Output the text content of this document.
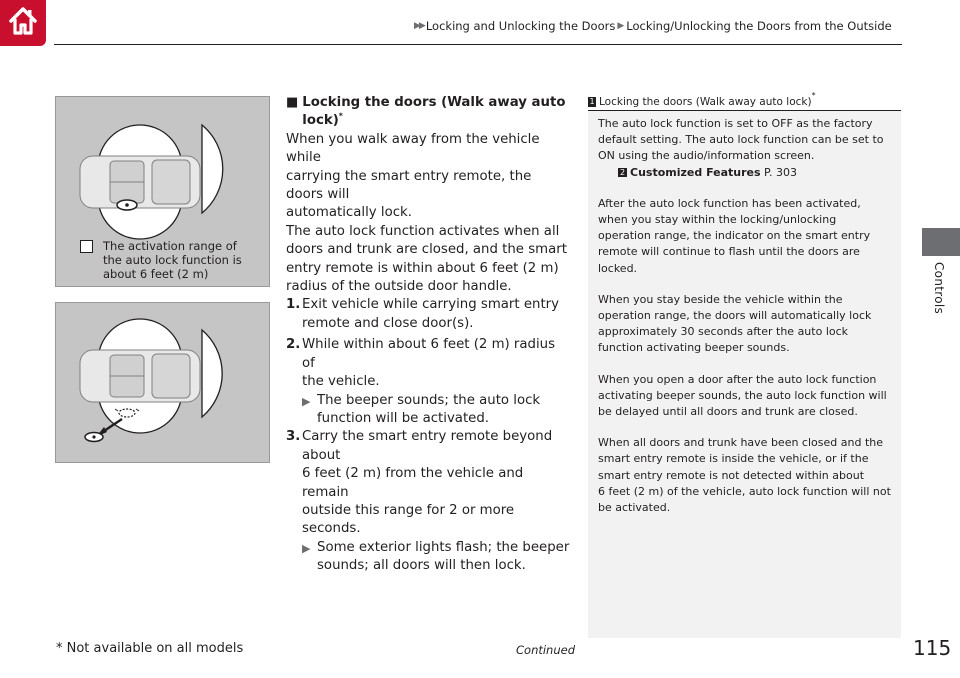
▶▶ Locking and Unlocking the Doors ▶ Locking/Unlocking the Doors from the Outside
Controls
The activation range of
the auto lock function is
about 6 feet (2 m)
■ Locking the doors (Walk away auto
lock)*
When you walk away from the vehicle while
carrying the smart entry remote, the doors will
automatically lock.
The auto lock function activates when all
doors and trunk are closed, and the smart
entry remote is within about 6 feet (2 m)
radius of the outside door handle.
1. Exit vehicle while carrying smart entry
remote and close door(s).
2. While within about 6 feet (2 m) radius of
the vehicle.
▶ The beeper sounds; the auto lock
function will be activated.
3. Carry the smart entry remote beyond about
6 feet (2 m) from the vehicle and remain
outside this range for 2 or more seconds.
▶ Some exterior lights flash; the beeper
sounds; all doors will then lock.
1 Locking the doors (Walk away auto lock)
*

The auto lock function is set to OFF as the factory
default setting. The auto lock function can be set to
ON using the audio/information screen.

2 Customized Features P. 303

After the auto lock function has been activated,
when you stay within the locking/unlocking
operation range, the indicator on the smart entry
remote will continue to flash until the doors are
locked.

When you stay beside the vehicle within the
operation range, the doors will automatically lock
approximately 30 seconds after the auto lock
function activating beeper sounds.

When you open a door after the auto lock function
activating beeper sounds, the auto lock function will
be delayed until all doors and trunk are closed.

When all doors and trunk have been closed and the
smart entry remote is inside the vehicle, or if the
smart entry remote is not detected within about
6 feet (2 m) of the vehicle, auto lock function will not
be activated.

* Not available on all models	Continued	115
